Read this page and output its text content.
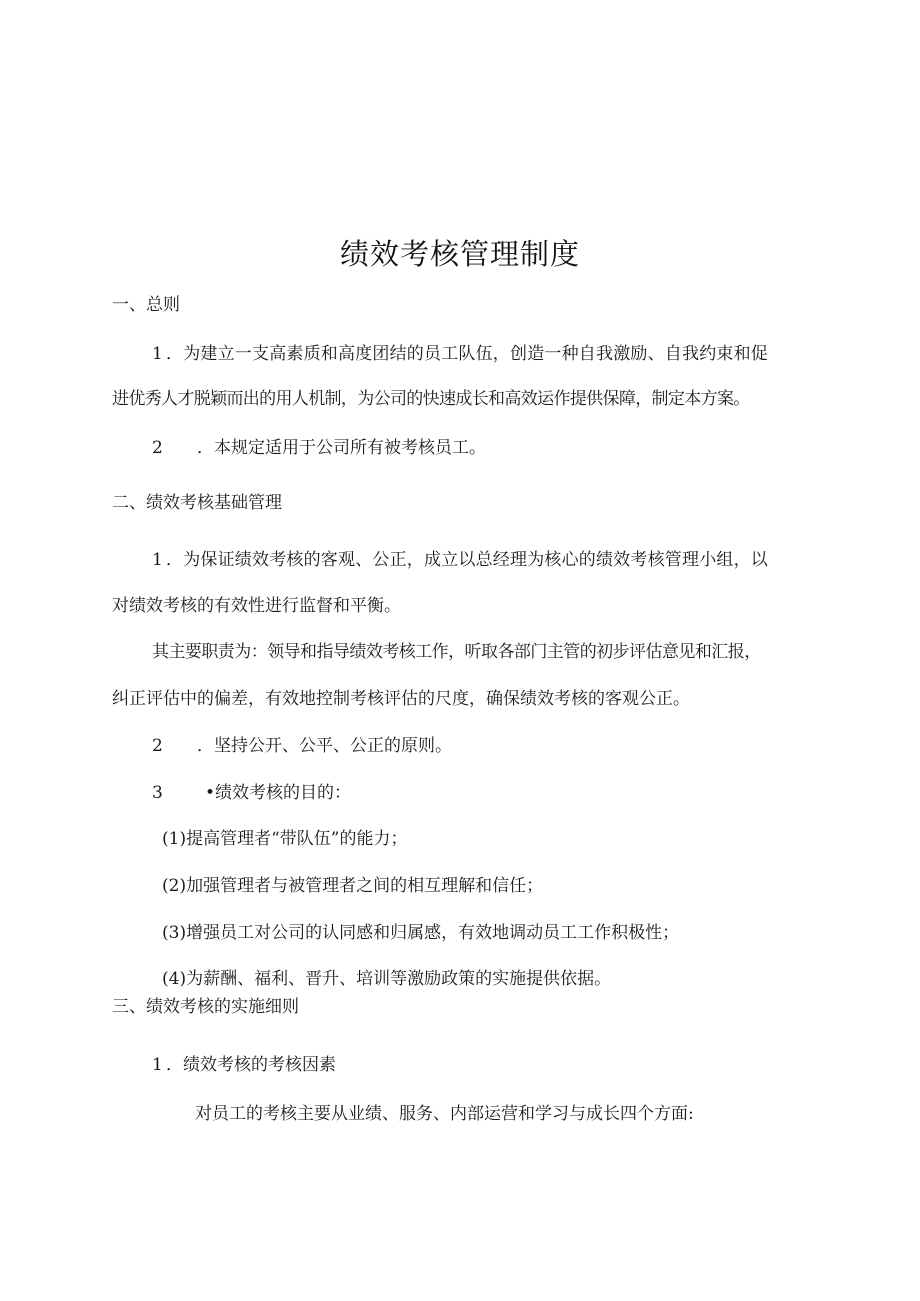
绩效考核管理制度
一、总则
1 ．为建立一支高素质和高度团结的员工队伍，创造一种自我激励、自我约束和促
进优秀人才脱颖而出的用人机制，为公司的快速成长和高效运作提供保障，制定本方案。
2 ．本规定适用于公司所有被考核员工。
二、绩效考核基础管理
1 ．为保证绩效考核的客观、公正，成立以总经理为核心的绩效考核管理小组，以
对绩效考核的有效性进行监督和平衡。
其主要职责为：领导和指导绩效考核工作，听取各部门主管的初步评估意见和汇报，
纠正评估中的偏差，有效地控制考核评估的尺度，确保绩效考核的客观公正。
2 ．坚持公开、公平、公正的原则。
3 •绩效考核的目的：
(1)提高管理者“带队伍”的能力；
(2)加强管理者与被管理者之间的相互理解和信任；
(3)增强员工对公司的认同感和归属感，有效地调动员工工作积极性；
(4)为薪酬、福利、晋升、培训等激励政策的实施提供依据。
三、绩效考核的实施细则
1 ．绩效考核的考核因素
对员工的考核主要从业绩、服务、内部运营和学习与成长四个方面:
